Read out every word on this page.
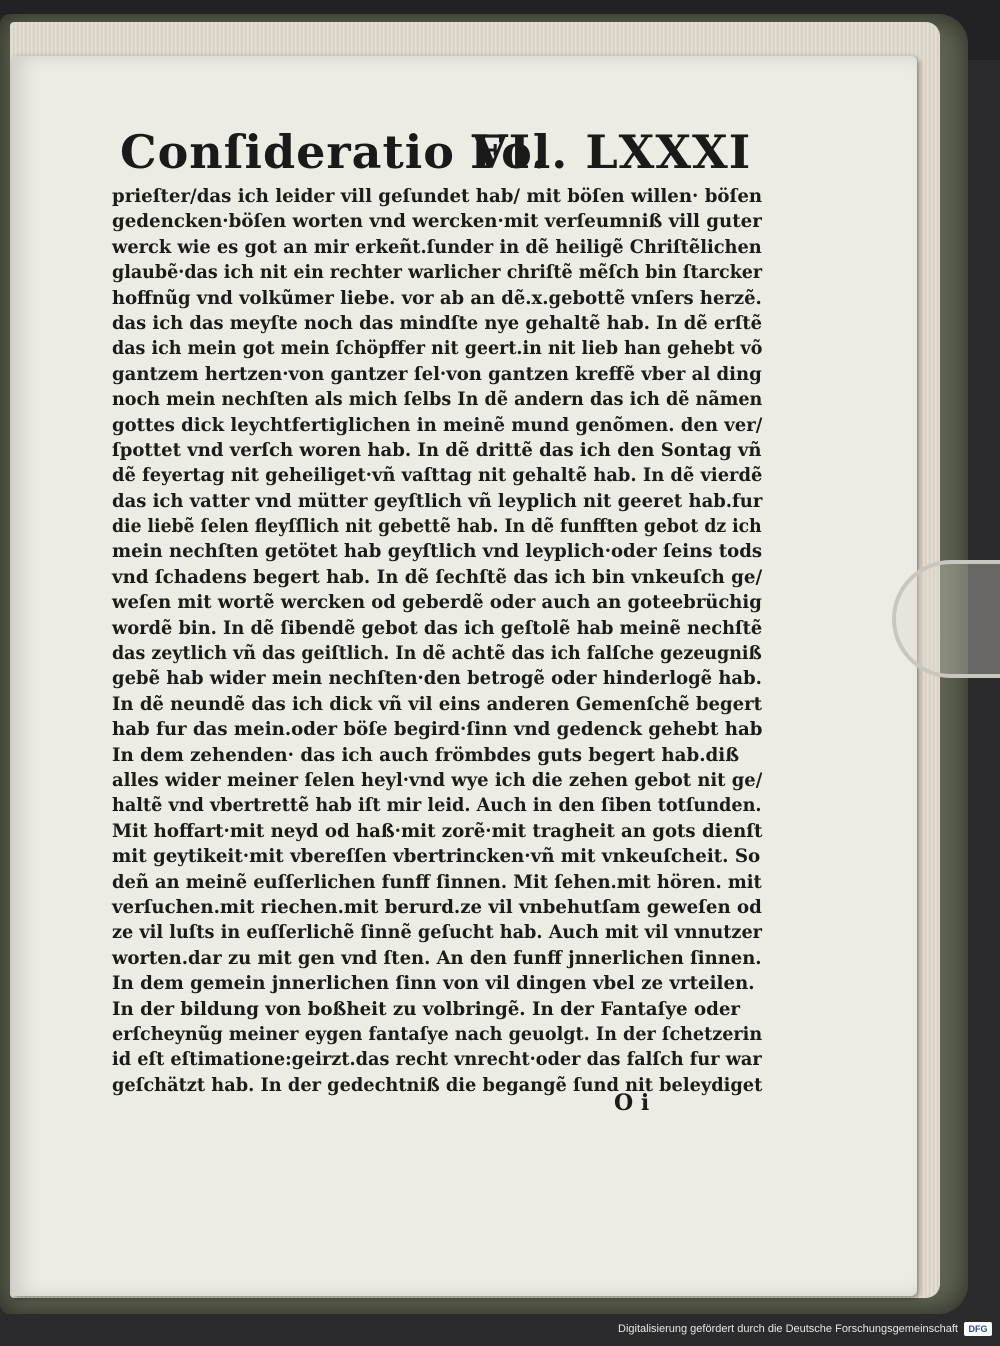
Conſideratio VI.
Fol. LXXXI
prieſter/das ich leider vill geſundet hab/ mit böſen willen· böſen
gedencken·böſen worten vnd wercken·mit verſeumniß vill guter
werck wie es got an mir erkeñt.ſunder in dẽ heiligẽ Chriſtẽlichen
glaubẽ·das ich nit ein rechter warlicher chriſtẽ mẽſch bin ſtarcker
hoffnũg vnd volkũmer liebe. vor ab an dẽ.x.gebottẽ vnſers herzẽ.
das ich das meyſte noch das mindſte nye gehaltẽ hab. In dẽ erſtẽ
das ich mein got mein ſchöpffer nit geert.in nit lieb han gehebt võ
gantzem hertzen·von gantzer ſel·von gantzen kreffẽ vber al ding
noch mein nechſten als mich ſelbs In dẽ andern das ich dẽ nãmen
gottes dick leychtfertiglichen in meinẽ mund genõmen. den ver/
ſpottet vnd verſch woren hab. In dẽ drittẽ das ich den Sontag vñ
dẽ feyertag nit geheiliget·vñ vaſttag nit gehaltẽ hab. In dẽ vierdẽ
das ich vatter vnd mütter geyſtlich vñ leyplich nit geeret hab.fur
die liebẽ ſelen fleyſſlich nit gebettẽ hab. In dẽ funfften gebot dz ich
mein nechſten getötet hab geyſtlich vnd leyplich·oder ſeins tods
vnd ſchadens begert hab. In dẽ ſechſtẽ das ich bin vnkeuſch ge/
weſen mit wortẽ wercken od geberdẽ oder auch an goteebrüchig
wordẽ bin. In dẽ ſibendẽ gebot das ich geſtolẽ hab meinẽ nechſtẽ
das zeytlich vñ das geiſtlich. In dẽ achtẽ das ich falſche gezeugniß
gebẽ hab wider mein nechſten·den betrogẽ oder hinderlogẽ hab.
In dẽ neundẽ das ich dick vñ vil eins anderen Gemenſchẽ begert
hab fur das mein.oder böſe begird·ſinn vnd gedenck gehebt hab
In dem zehenden· das ich auch frömbdes guts begert hab.diß
alles wider meiner ſelen heyl·vnd wye ich die zehen gebot nit ge/
haltẽ vnd vbertrettẽ hab iſt mir leid. Auch in den ſiben totſunden.
Mit hoffart·mit neyd od haß·mit zorẽ·mit tragheit an gots dienſt
mit geytikeit·mit vbereſſen vbertrincken·vñ mit vnkeuſcheit. So
deñ an meinẽ euſſerlichen funff ſinnen. Mit ſehen.mit hören. mit
verſuchen.mit riechen.mit berurd.ze vil vnbehutſam geweſen od
ze vil luſts in euſſerlichẽ ſinnẽ geſucht hab. Auch mit vil vnnutzer
worten.dar zu mit gen vnd ſten. An den funff jnnerlichen ſinnen.
In dem gemein jnnerlichen ſinn von vil dingen vbel ze vrteilen.
In der bildung von boßheit zu volbringẽ. In der Fantaſye oder
erſcheynũg meiner eygen fantaſye nach geuolgt. In der ſchetzerin
id eſt eſtimatione:geirzt.das recht vnrecht·oder das falſch fur war
geſchätzt hab. In der gedechtniß die begangẽ ſund nit beleydiget
O i
Digitalisierung gefördert durch die Deutsche Forschungsgemeinschaft	DFG
